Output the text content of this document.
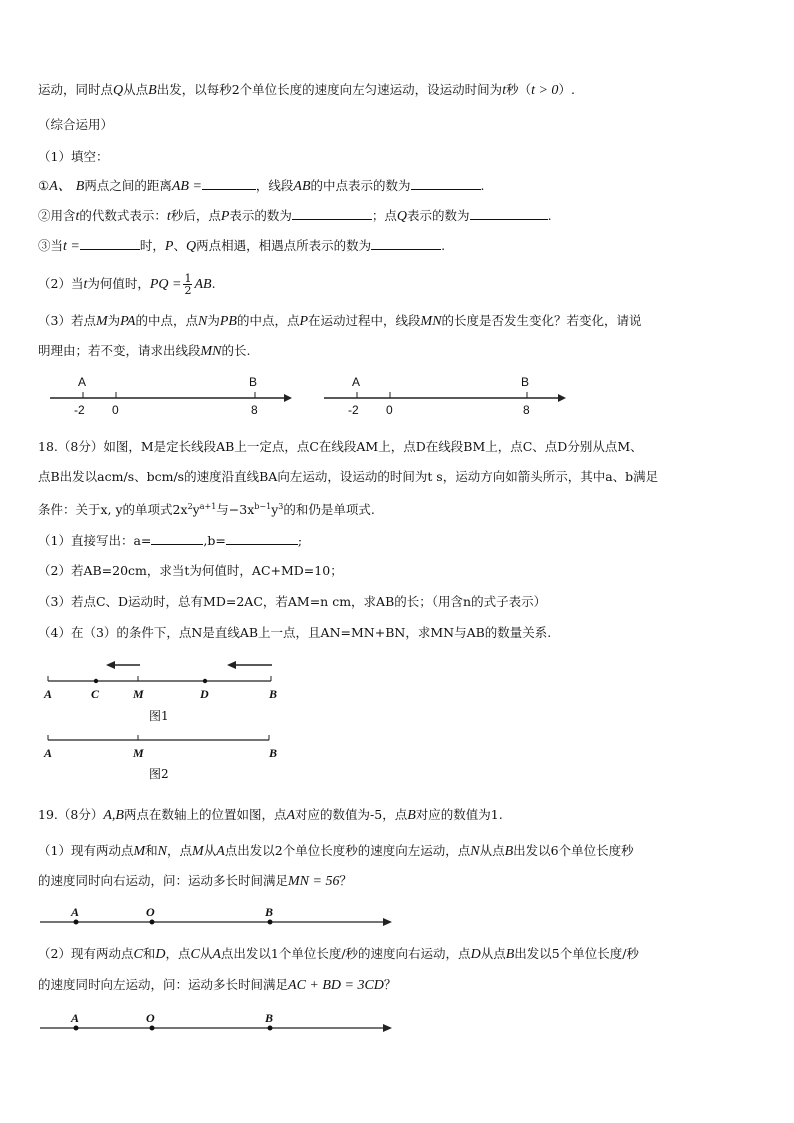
运动，同时点Q从点B出发，以每秒2个单位长度的速度向左匀速运动，设运动时间为t秒（t > 0）.
（综合运用）
（1）填空：
①A、 B两点之间的距离AB =	，线段AB的中点表示的数为	.
②用含t的代数式表示：t秒后，点P表示的数为	；点Q表示的数为	.
③当t =	时，P、Q两点相遇，相遇点所表示的数为	.
（2）当t为何值时，PQ = $\frac{1}{2}$ AB.
（3）若点M为PA的中点，点N为PB的中点，点P在运动过程中，线段MN的长度是否发生变化？若变化，请说
明理由；若不变，请求出线段MN的长.
A	B
-2 0	8
A	B
-2 0	8
18.（8分）如图，M是定长线段AB上一定点，点C在线段AM上，点D在线段BM上，点C、点D分别从点M、
点B出发以acm/s、bcm/s的速度沿直线BA向左运动，设运动的时间为t s，运动方向如箭头所示，其中a、b满足
条件：关于x, y的单项式$2x^2y^{a+1}$与$-3x^{b-1}y^3$的和仍是单项式.
（1）直接写出：a=	,b=	;
（2）若AB=20cm，求当t为何值时，AC+MD=10；
（3）若点C、D运动时，总有MD=2AC，若AM=n cm，求AB的长；（用含n的式子表示）
（4）在（3）的条件下，点N是直线AB上一点，且AN=MN+BN，求MN与AB的数量关系.
A	C	M	D	B
图1
A	M	B
图2
19.（8分）A,B两点在数轴上的位置如图，点A对应的数值为-5，点B对应的数值为1.
（1）现有两动点M和N，点M从A点出发以2个单位长度秒的速度向左运动，点N从点B出发以6个单位长度秒
的速度同时向右运动，问：运动多长时间满足MN = 56？
A	O	B
（2）现有两动点C和D，点C从A点出发以1个单位长度/秒的速度向右运动，点D从点B出发以5个单位长度/秒
的速度同时向左运动，问：运动多长时间满足AC + BD = 3CD？
A	O	B
